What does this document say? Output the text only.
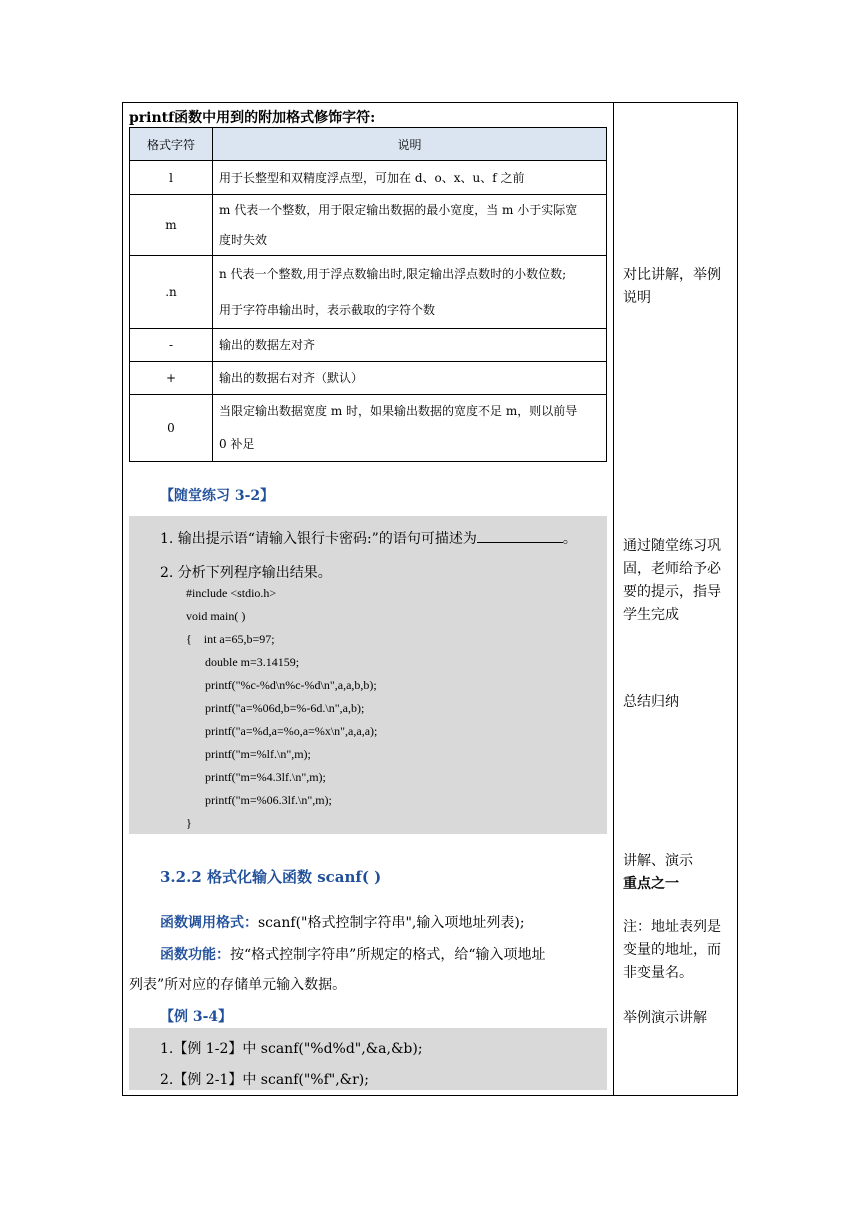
printf函数中用到的附加格式修饰字符:
格式字符	说明
l	用于长整型和双精度浮点型，可加在 d、o、x、u、f 之前
m	m 代表一个整数，用于限定输出数据的最小宽度，当 m 小于实际宽
度时失效
.n	n 代表一个整数,用于浮点数输出时,限定输出浮点数时的小数位数;
用于字符串输出时，表示截取的字符个数
-	输出的数据左对齐
+	输出的数据右对齐（默认）
0	当限定输出数据宽度 m 时，如果输出数据的宽度不足 m，则以前导
0 补足
【随堂练习 3-2】
1. 输出提示语“请输入银行卡密码:”的语句可描述为	。
2. 分析下列程序输出结果。
#include <stdio.h>
void main( )
{    int a=65,b=97;
double m=3.14159;
printf("%c-%d\n%c-%d\n",a,a,b,b);
printf("a=%06d,b=%-6d.\n",a,b);
printf("a=%d,a=%o,a=%x\n",a,a,a);
printf("m=%lf.\n",m);
printf("m=%4.3lf.\n",m);
printf("m=%06.3lf.\n",m);
}
3.2.2 格式化输入函数 scanf( )
函数调用格式：scanf("格式控制字符串",输入项地址列表);
函数功能：按“格式控制字符串”所规定的格式，给“输入项地址
列表”所对应的存储单元输入数据。
【例 3-4】
1.【例 1-2】中 scanf("%d%d",&a,&b);
2.【例 2-1】中 scanf("%f",&r);
对比讲解，举例
说明
通过随堂练习巩
固，老师给予必
要的提示，指导
学生完成
总结归纳
讲解、演示
重点之一
注：地址表列是
变量的地址，而
非变量名。
举例演示讲解
